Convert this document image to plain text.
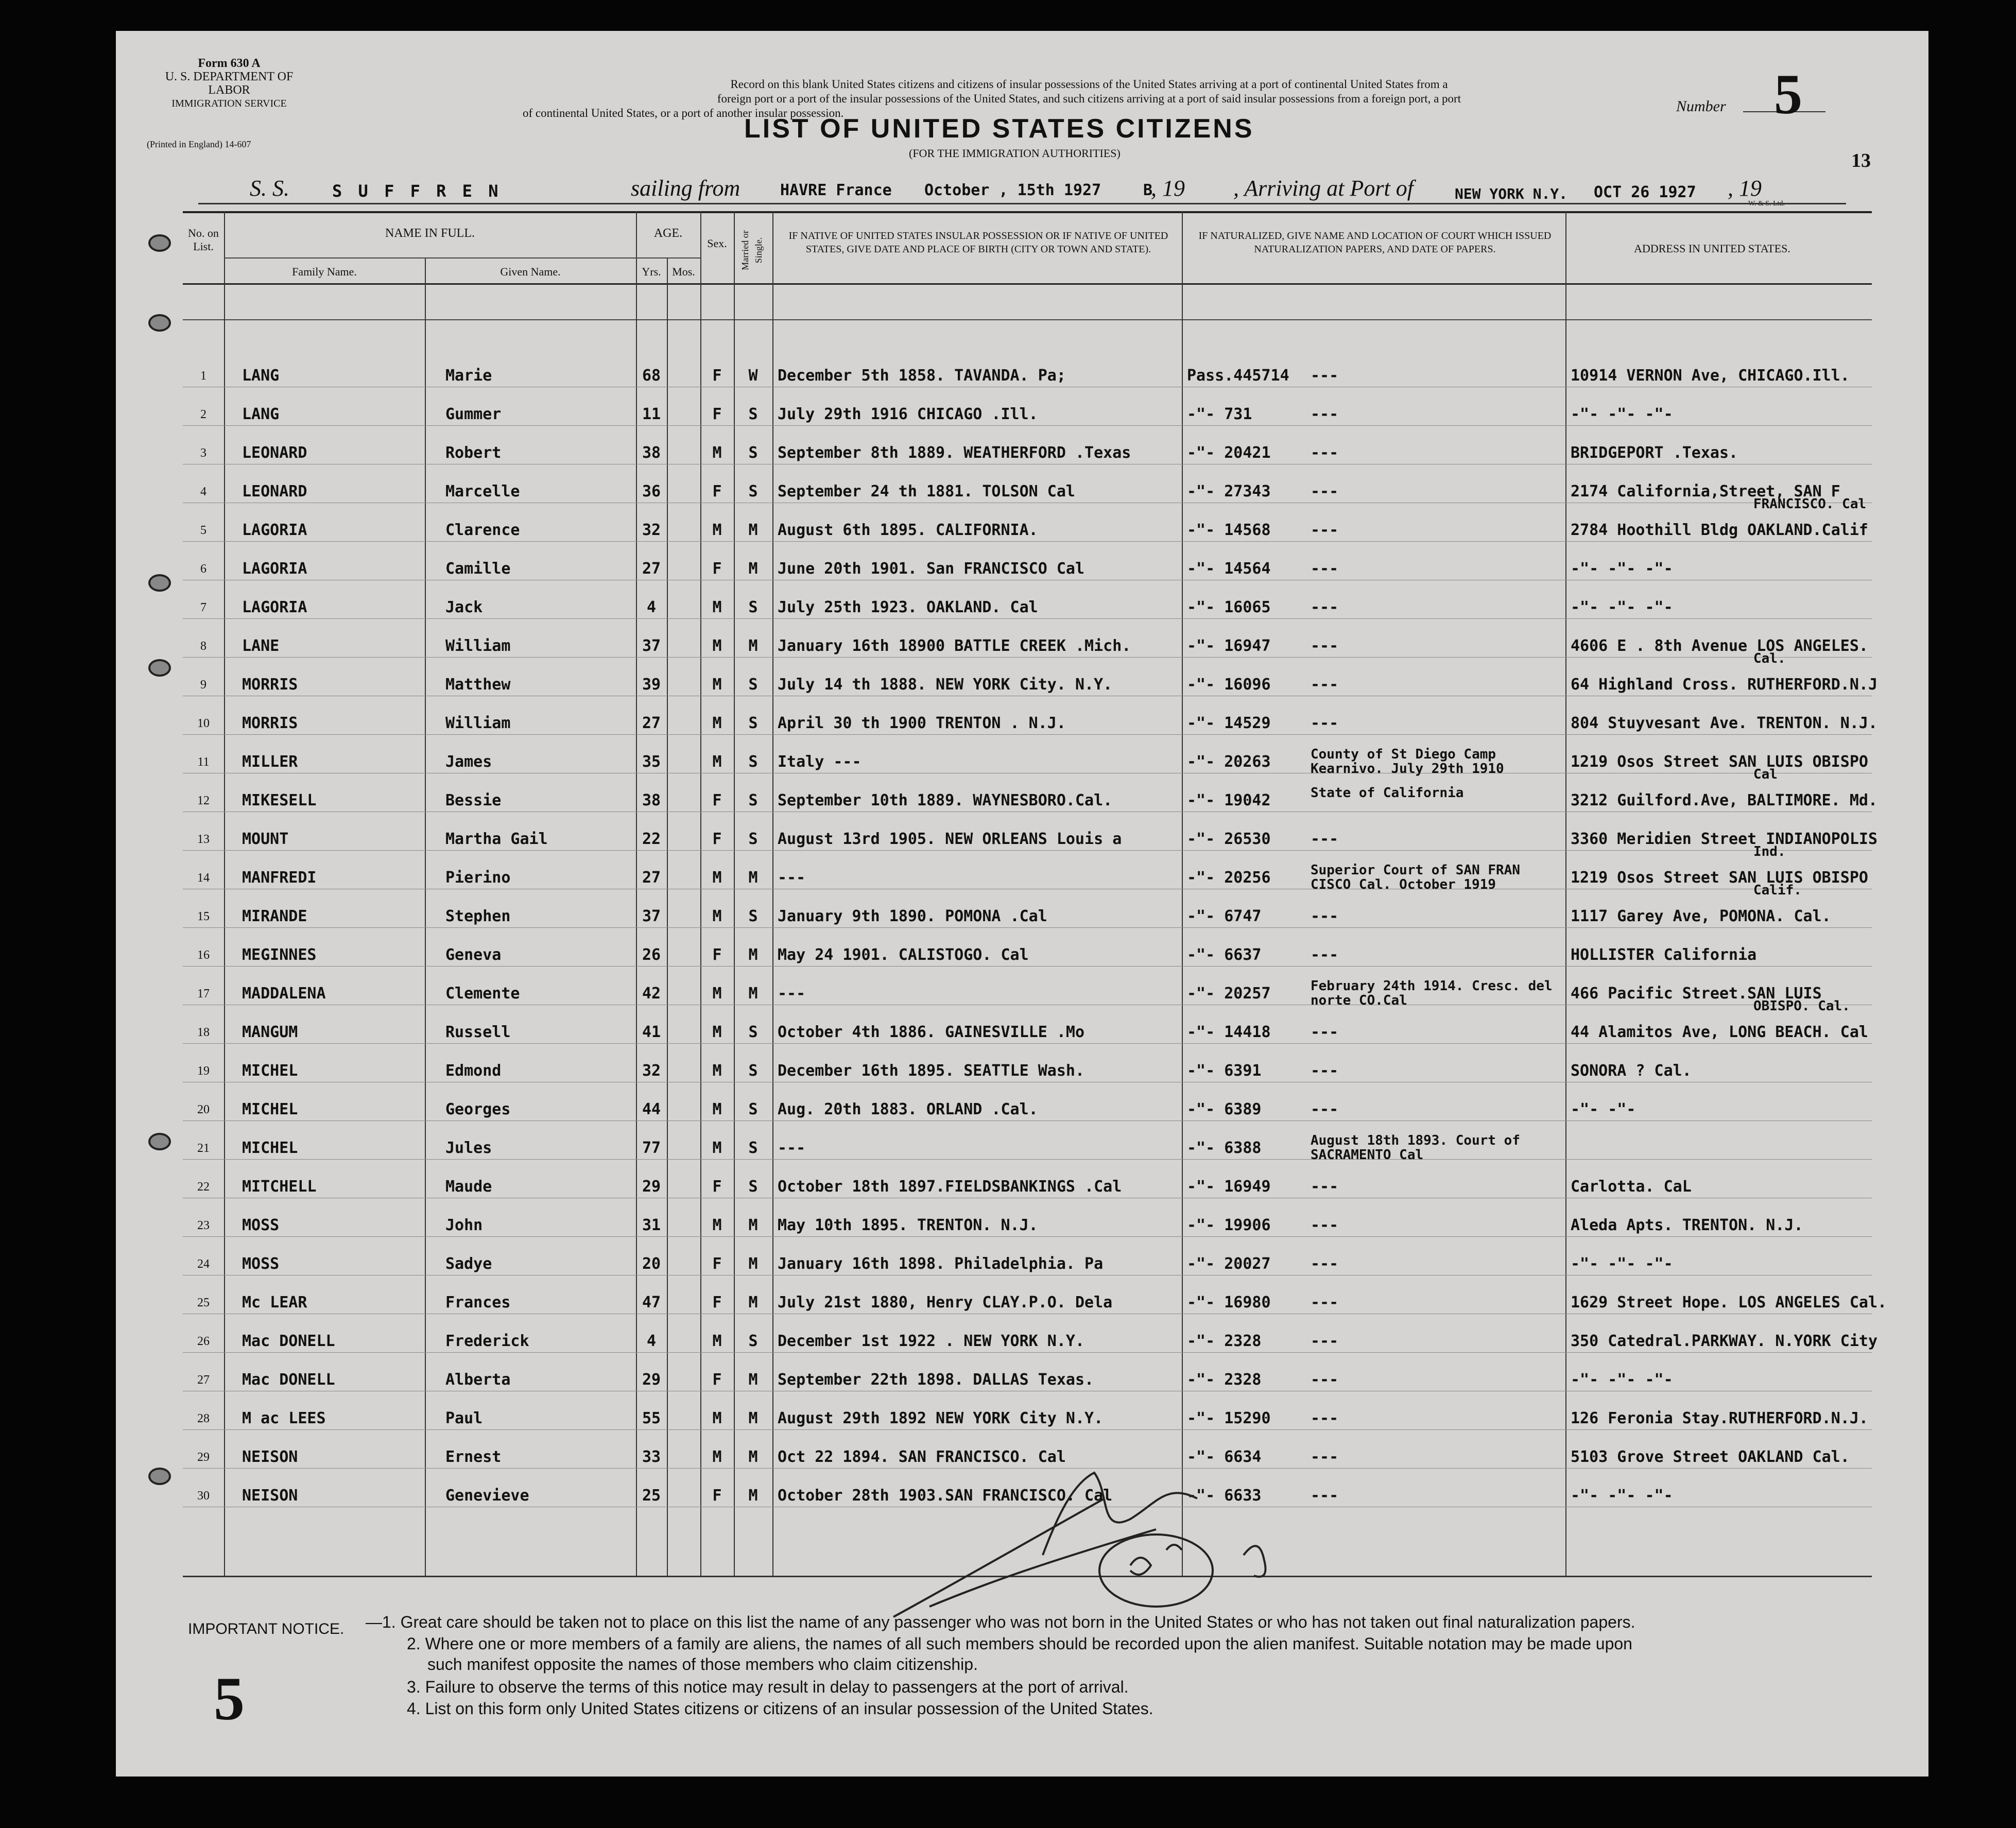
Form 630 A
U. S. DEPARTMENT OF LABOR
IMMIGRATION SERVICE
(Printed in England) 14-607
Record on this blank United States citizens and citizens of insular possessions of the United States arriving at a port of continental United States from a
foreign port or a port of the insular possessions of the United States, and such citizens arriving at a port of said insular possessions from a foreign port, a port
of continental United States, or a port of another insular possession.
LIST OF UNITED STATES CITIZENS
(FOR THE IMMIGRATION AUTHORITIES)
Number 5
13
S. S.	S U F F R E N	sailing from	HAVRE France October , 15th 1927	B
, 19 , Arriving at Port of	NEW YORK N.Y. OCT 26 1927 , 19
No. on List.
NAME IN FULL.
Family Name.	Given Name.
AGE.
Yrs. Mos.
Sex.	Married or Single.
IF NATIVE OF UNITED STATES INSULAR POSSESSION OR IF NATIVE OF UNITED STATES, GIVE DATE AND PLACE OF BIRTH (CITY OR TOWN AND STATE).
IF NATURALIZED, GIVE NAME AND LOCATION OF COURT WHICH ISSUED NATURALIZATION PAPERS, AND DATE OF PAPERS.	ADDRESS IN UNITED STATES.
1	LANG	Marie	68	F	W	December 5th 1858. TAVANDA. Pa;	Pass.445714 ---	10914 VERNON Ave, CHICAGO.Ill.
2	LANG	Gummer	11	F	S	July 29th 1916 CHICAGO .Ill.	-"- 731	---	-"- -"- -"-
3	LEONARD	Robert	38	M	S	September 8th 1889. WEATHERFORD .Texas	-"- 20421	---	BRIDGEPORT .Texas.
4	LEONARD	Marcelle	36	F	S	September 24 th 1881. TOLSON Cal	-"- 27343	---	2174 California,Street, SAN F
FRANCISCO. Cal
5	LAGORIA	Clarence	32	M	M	August 6th 1895. CALIFORNIA.	-"- 14568	---	2784 Hoothill Bldg OAKLAND.Calif
6	LAGORIA	Camille	27	F	M	June 20th 1901. San FRANCISCO Cal	-"- 14564	---	-"- -"- -"-
7	LAGORIA	Jack	4	M	S	July 25th 1923. OAKLAND. Cal	-"- 16065	---	-"- -"- -"-
8	LANE	William	37	M	M	January 16th 18900 BATTLE CREEK .Mich.	-"- 16947	---	4606 E . 8th Avenue LOS ANGELES.
Cal.
9	MORRIS	Matthew	39	M	S	July 14 th 1888. NEW YORK City. N.Y.	-"- 16096	---	64 Highland Cross. RUTHERFORD.N.J
10	MORRIS	William	27	M	S	April 30 th 1900 TRENTON . N.J.	-"- 14529	---	804 Stuyvesant Ave. TRENTON. N.J.
11	MILLER	James	35	M	S	Italy ---	-"- 20263	County of St Diego Camp Kearnivo. July 29th 1910	1219 Osos Street SAN LUIS OBISPO
Cal
12	MIKESELL	Bessie	38	F	S	September 10th 1889. WAYNESBORO.Cal.	-"- 19042	State of California	3212 Guilford.Ave, BALTIMORE. Md.
13	MOUNT	Martha Gail	22	F	S	August 13rd 1905. NEW ORLEANS Louis a	-"- 26530	---	3360 Meridien Street INDIANOPOLIS
Ind.
14	MANFREDI	Pierino	27	M	M	---	-"- 20256	Superior Court of SAN FRAN CISCO Cal. October 1919	1219 Osos Street SAN LUIS OBISPO
Calif.
15	MIRANDE	Stephen	37	M	S	January 9th 1890. POMONA .Cal	-"- 6747	---	1117 Garey Ave, POMONA. Cal.
16	MEGINNES	Geneva	26	F	M	May 24 1901. CALISTOGO. Cal	-"- 6637	---	HOLLISTER California
17	MADDALENA	Clemente	42	M	M	---	-"- 20257	February 24th 1914. Cresc. del norte CO.Cal	466 Pacific Street.SAN LUIS
OBISPO. Cal.
18	MANGUM	Russell	41	M	S	October 4th 1886. GAINESVILLE .Mo	-"- 14418	---	44 Alamitos Ave, LONG BEACH. Cal
19	MICHEL	Edmond	32	M	S	December 16th 1895. SEATTLE Wash.	-"- 6391	---	SONORA ? Cal.
20	MICHEL	Georges	44	M	S	Aug. 20th 1883. ORLAND .Cal.	-"- 6389	---	-"- -"-
21	MICHEL	Jules	77	M	S	---	-"- 6388	August 18th 1893. Court of SACRAMENTO Cal
22	MITCHELL	Maude	29	F	S	October 18th 1897.FIELDSBANKINGS .Cal	-"- 16949	---	Carlotta. CaL
23	MOSS	John	31	M	M	May 10th 1895. TRENTON. N.J.	-"- 19906	---	Aleda Apts. TRENTON. N.J.
24	MOSS	Sadye	20	F	M	January 16th 1898. Philadelphia. Pa	-"- 20027	---	-"- -"- -"-
25	Mc LEAR	Frances	47	F	M	July 21st 1880, Henry CLAY.P.O. Dela	-"- 16980	---	1629 Street Hope. LOS ANGELES Cal.
26	Mac DONELL	Frederick	4	M	S	December 1st 1922 . NEW YORK N.Y.	-"- 2328	---	350 Catedral.PARKWAY. N.YORK City
27	Mac DONELL	Alberta	29	F	M	September 22th 1898. DALLAS Texas.	-"- 2328	---	-"- -"- -"-
28	M ac LEES	Paul	55	M	M	August 29th 1892 NEW YORK City N.Y.	-"- 15290	---	126 Feronia Stay.RUTHERFORD.N.J.
29	NEISON	Ernest	33	M	M	Oct 22 1894. SAN FRANCISCO. Cal	-"- 6634	---	5103 Grove Street OAKLAND Cal.
30	NEISON	Genevieve	25	F	M	October 28th 1903.SAN FRANCISCO. Cal	-"- 6633	---	-"- -"- -"-
IMPORTANT NOTICE. —1. Great care should be taken not to place on this list the name of any passenger who was not born in the United States or who has not taken out final naturalization papers.
2. Where one or more members of a family are aliens, the names of all such members should be recorded upon the alien manifest. Suitable notation may be made upon
such manifest opposite the names of those members who claim citizenship.
3. Failure to observe the terms of this notice may result in delay to passengers at the port of arrival.
4. List on this form only United States citizens or citizens of an insular possession of the United States.
5
